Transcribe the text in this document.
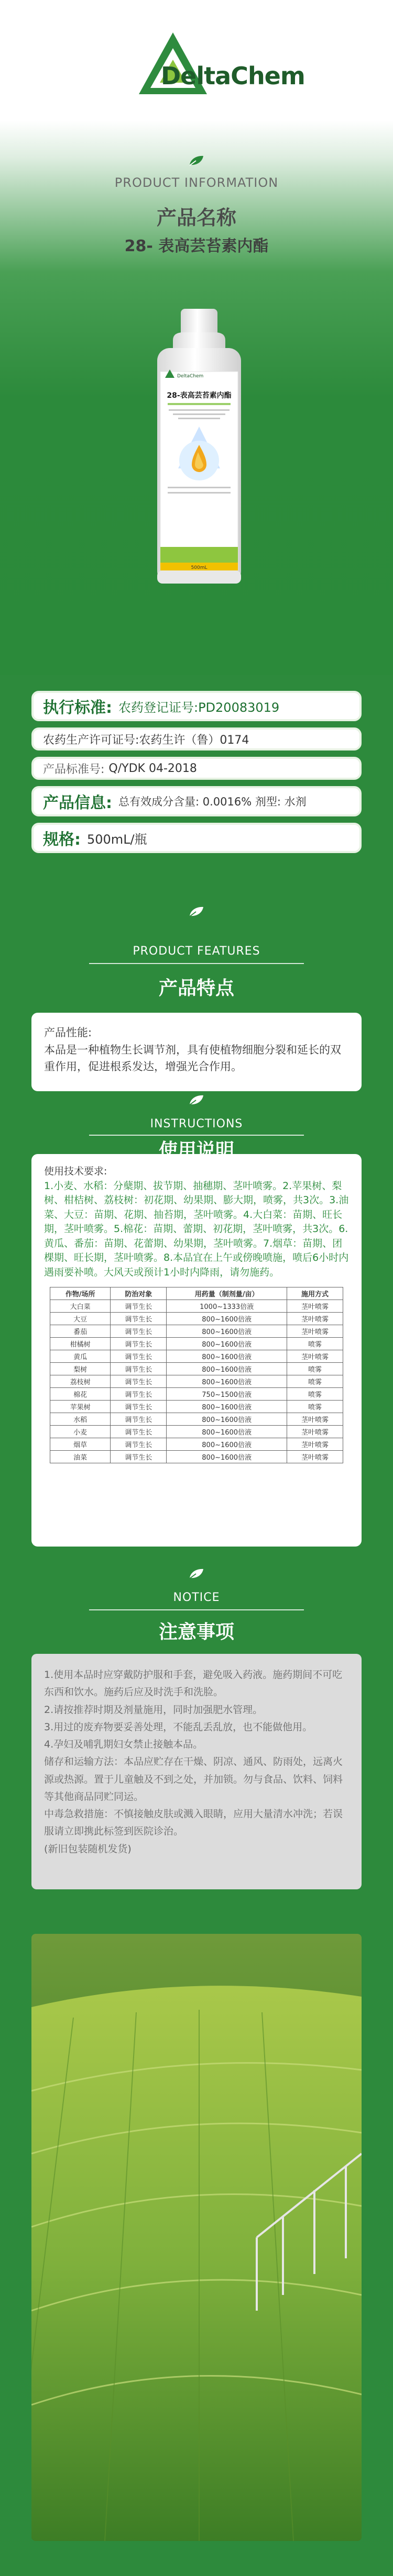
DeltaChem
PRODUCT INFORMATION
产品名称
28- 表高芸苔素内酯
DeltaChem
28-表高芸苔素内酯
500mL
执行标准: 农药登记证号:PD20083019
农药生产许可证号:农药生许（鲁）0174
产品标准号: Q/YDK 04-2018
产品信息: 总有效成分含量: 0.0016% 剂型: 水剂
规格: 500mL/瓶
PRODUCT FEATURES
产品特点
产品性能:
本品是一种植物生长调节剂，具有使植物细胞分裂和延长的双重作用，促进根系发达，增强光合作用。
INSTRUCTIONS
使用技术要求:
1.小麦、水稻：分蘖期、拔节期、抽穗期、茎叶喷雾。2.苹果树、梨树、柑桔树、荔枝树：初花期、幼果期、膨大期，喷雾，共3次。3.油菜、大豆：苗期、花期、抽苔期，茎叶喷雾。4.大白菜：苗期、旺长期，茎叶喷雾。5.棉花：苗期、蕾期、初花期，茎叶喷雾，共3次。6.黄瓜、番茄：苗期、花蕾期、幼果期，茎叶喷雾。7.烟草：苗期、团棵期、旺长期，茎叶喷雾。8.本品宜在上午或傍晚喷施，喷后6小时内遇雨要补喷。大风天或预计1小时内降雨，请勿施药。
作物/场所	防治对象	用药量（制剂量/亩）	施用方式
大白菜	调节生长	1000~1333倍液	茎叶喷雾
大豆	调节生长	800~1600倍液	茎叶喷雾
番茄	调节生长	800~1600倍液	茎叶喷雾
柑橘树	调节生长	800~1600倍液	喷雾
黄瓜	调节生长	800~1600倍液	茎叶喷雾
梨树	调节生长	800~1600倍液	喷雾
荔枝树	调节生长	800~1600倍液	喷雾
棉花	调节生长	750~1500倍液	喷雾
苹果树	调节生长	800~1600倍液	喷雾
水稻	调节生长	800~1600倍液	茎叶喷雾
小麦	调节生长	800~1600倍液	茎叶喷雾
烟草	调节生长	800~1600倍液	茎叶喷雾
油菜	调节生长	800~1600倍液	茎叶喷雾
使用说明
NOTICE
注意事项
1.使用本品时应穿戴防护服和手套，避免吸入药液。施药期间不可吃东西和饮水。施药后应及时洗手和洗脸。
2.请按推荐时期及剂量施用，同时加强肥水管理。
3.用过的废弃物要妥善处理，不能乱丢乱放，也不能做他用。
4.孕妇及哺乳期妇女禁止接触本品。
储存和运输方法：本品应贮存在干燥、阴凉、通风、防雨处，远离火源或热源。置于儿童触及不到之处，并加锁。勿与食品、饮料、饲料等其他商品同贮同运。
中毒急救措施：不慎接触皮肤或溅入眼睛，应用大量清水冲洗；若误服请立即携此标签到医院诊治。
(新旧包装随机发货)
